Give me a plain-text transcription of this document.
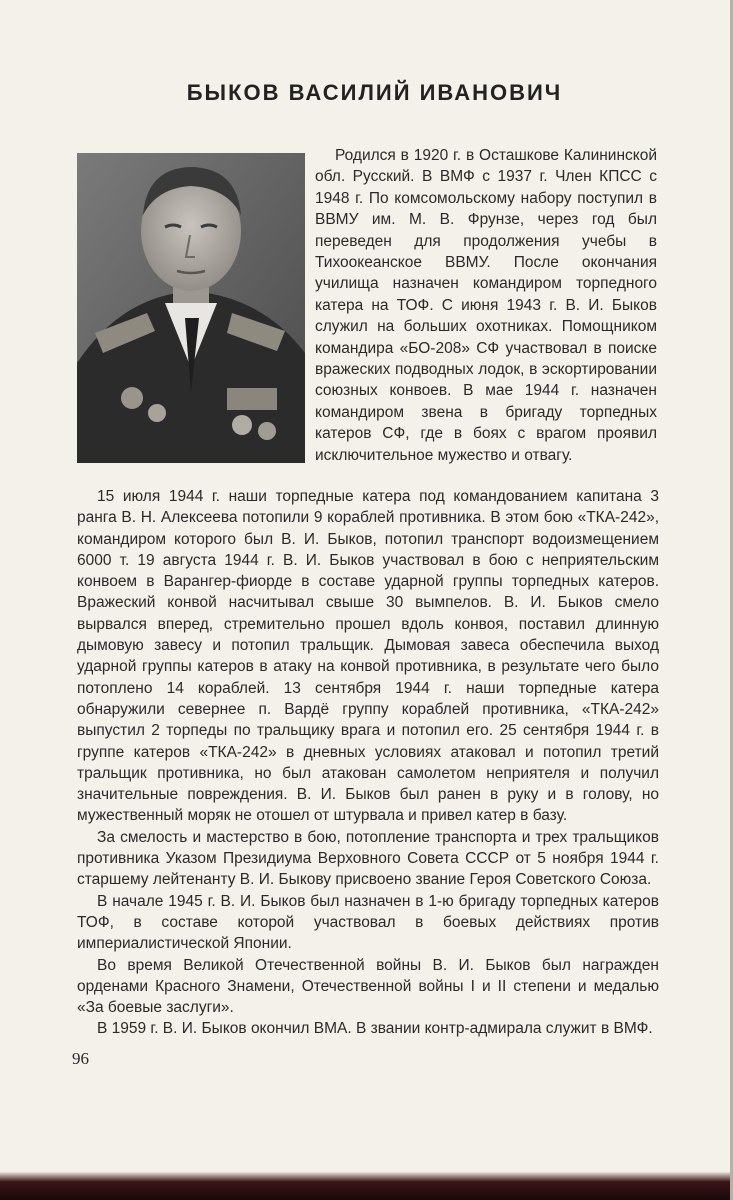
БЫКОВ ВАСИЛИЙ ИВАНОВИЧ

Родился в 1920 г. в Осташкове Калининской обл. Русский. В ВМФ с 1937 г. Член КПСС с 1948 г. По комсомольскому набору поступил в ВВМУ им. М. В. Фрунзе, через год был переведен для продолжения учебы в Тихоокеанское ВВМУ. После окончания училища назначен командиром торпедного катера на ТОФ. С июня 1943 г. В. И. Быков служил на больших охотниках. Помощником командира «БО-208» СФ участвовал в поиске вражеских подводных лодок, в эскортировании союзных конвоев. В мае 1944 г. назначен командиром звена в бригаду торпедных катеров СФ, где в боях с врагом проявил исключительное мужество и отвагу.

15 июля 1944 г. наши торпедные катера под командованием капитана 3 ранга В. Н. Алексеева потопили 9 кораблей противника. В этом бою «ТКА-242», командиром которого был В. И. Быков, потопил транспорт водоизмещением 6000 т. 19 августа 1944 г. В. И. Быков участвовал в бою с неприятельским конвоем в Варангер-фиорде в составе ударной группы торпедных катеров. Вражеский конвой насчитывал свыше 30 вымпелов. В. И. Быков смело вырвался вперед, стремительно прошел вдоль конвоя, поставил длинную дымовую завесу и потопил тральщик. Дымовая завеса обеспечила выход ударной группы катеров в атаку на конвой противника, в результате чего было потоплено 14 кораблей. 13 сентября 1944 г. наши торпедные катера обнаружили севернее п. Вардё группу кораблей противника, «ТКА-242» выпустил 2 торпеды по тральщику врага и потопил его. 25 сентября 1944 г. в группе катеров «ТКА-242» в дневных условиях атаковал и потопил третий тральщик противника, но был атакован самолетом неприятеля и получил значительные повреждения. В. И. Быков был ранен в руку и в голову, но мужественный моряк не отошел от штурвала и привел катер в базу.

За смелость и мастерство в бою, потопление транспорта и трех тральщиков противника Указом Президиума Верховного Совета СССР от 5 ноября 1944 г. старшему лейтенанту В. И. Быкову присвоено звание Героя Советского Союза.

В начале 1945 г. В. И. Быков был назначен в 1-ю бригаду торпедных катеров ТОФ, в составе которой участвовал в боевых действиях против империалистической Японии.

Во время Великой Отечественной войны В. И. Быков был награжден орденами Красного Знамени, Отечественной войны I и II степени и медалью «За боевые заслуги».

В 1959 г. В. И. Быков окончил ВМА. В звании контр-адмирала служит в ВМФ.

96
